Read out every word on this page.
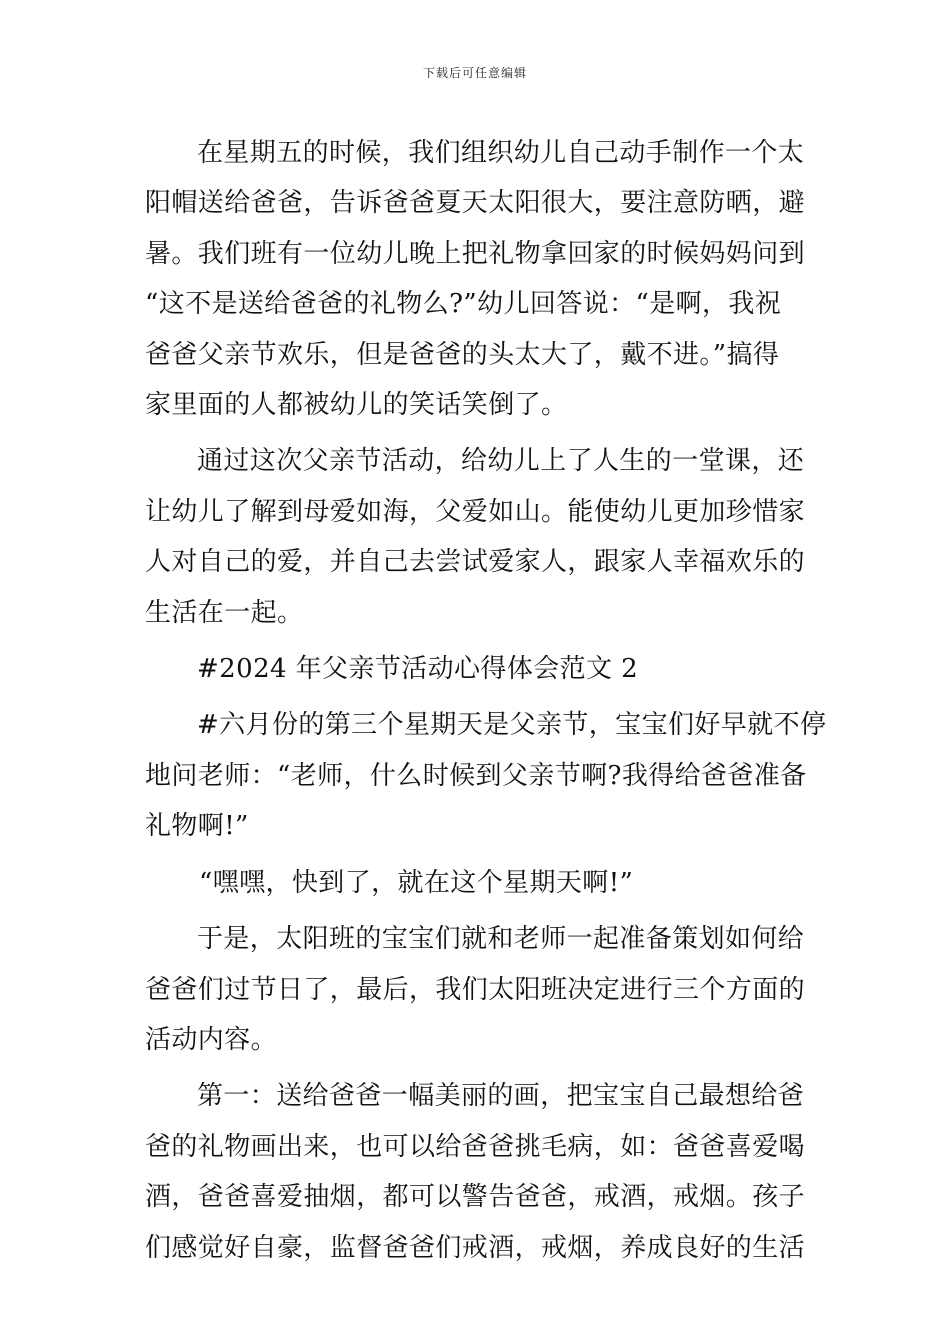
下载后可任意编辑

在星期五的时候，我们组织幼儿自己动手制作一个太
阳帽送给爸爸，告诉爸爸夏天太阳很大，要注意防晒，避
暑。我们班有一位幼儿晚上把礼物拿回家的时候妈妈问到
“这不是送给爸爸的礼物么?”幼儿回答说：“是啊，我祝
爸爸父亲节欢乐，但是爸爸的头太大了，戴不进。”搞得
家里面的人都被幼儿的笑话笑倒了。

通过这次父亲节活动，给幼儿上了人生的一堂课，还
让幼儿了解到母爱如海，父爱如山。能使幼儿更加珍惜家
人对自己的爱，并自己去尝试爱家人，跟家人幸福欢乐的
生活在一起。

#2024 年父亲节活动心得体会范文 2

#六月份的第三个星期天是父亲节，宝宝们好早就不停
地问老师：“老师，什么时候到父亲节啊?我得给爸爸准备
礼物啊!”

“嘿嘿，快到了，就在这个星期天啊!”

于是，太阳班的宝宝们就和老师一起准备策划如何给
爸爸们过节日了，最后，我们太阳班决定进行三个方面的
活动内容。

第一：送给爸爸一幅美丽的画，把宝宝自己最想给爸
爸的礼物画出来，也可以给爸爸挑毛病，如：爸爸喜爱喝
酒，爸爸喜爱抽烟，都可以警告爸爸，戒酒，戒烟。孩子
们感觉好自豪，监督爸爸们戒酒，戒烟，养成良好的生活
